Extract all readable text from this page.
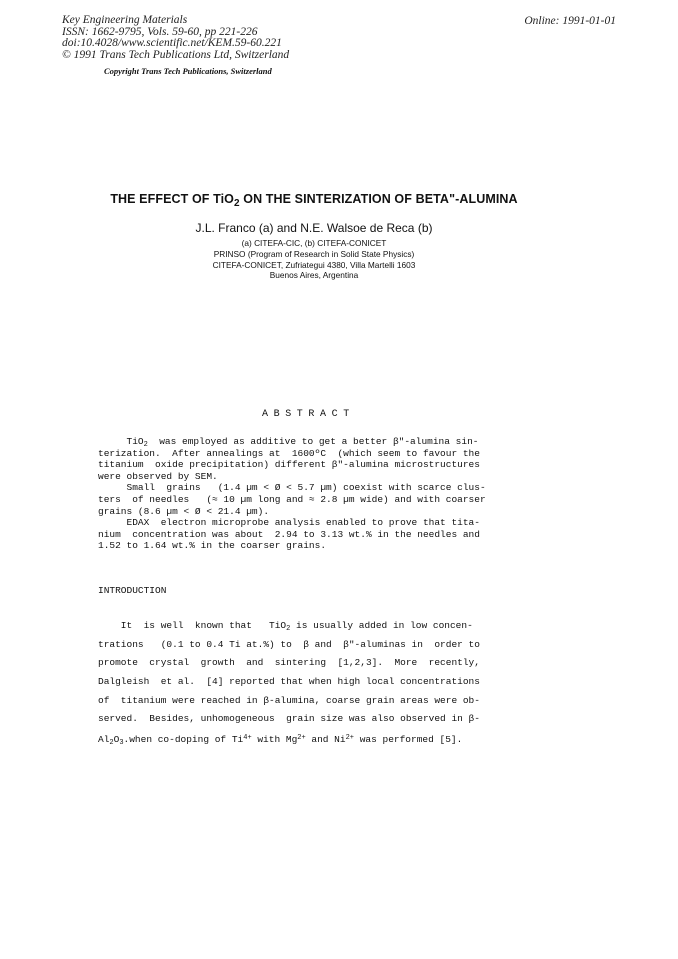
Key Engineering Materials
ISSN: 1662-9795, Vols. 59-60, pp 221-226
doi:10.4028/www.scientific.net/KEM.59-60.221
© 1991 Trans Tech Publications Ltd, Switzerland
Online: 1991-01-01
Copyright Trans Tech Publications, Switzerland
THE EFFECT OF TiO$_2$ ON THE SINTERIZATION OF BETA"-ALUMINA
J.L. Franco (a) and N.E. Walsoe de Reca (b)
(a) CITEFA-CIC, (b) CITEFA-CONICET
PRINSO (Program of Research in Solid State Physics)
CITEFA-CONICET, Zufriategui 4380, Villa Martelli 1603
Buenos Aires, Argentina
ABSTRACT
TiO$_2$  was employed as additive to get a better β"-alumina sin-
terization.  After annealings at  1600ºC  (which seem to favour the
titanium  oxide precipitation) different β"-alumina microstructures
were observed by SEM.
Small  grains   (1.4 µm < Ø < 5.7 µm) coexist with scarce clus-
ters  of needles   (≈ 10 µm long and ≈ 2.8 µm wide) and with coarser
grains (8.6 µm < Ø < 21.4 µm).
EDAX  electron microprobe analysis enabled to prove that tita-
nium  concentration was about  2.94 to 3.13 wt.% in the needles and
1.52 to 1.64 wt.% in the coarser grains.
INTRODUCTION
It  is well  known that   TiO$_2$ is usually added in low concen-
trations   (0.1 to 0.4 Ti at.%) to  β and  β"-aluminas in  order to
promote  crystal  growth  and  sintering  [1,2,3].  More  recently,
Dalgleish  et al.  [4] reported that when high local concentrations
of  titanium were reached in β-alumina, coarse grain areas were ob-
served.  Besides, unhomogeneous  grain size was also observed in β-
$Al_2O_3.when$ co-doping of $Ti^{4+}$ with $Mg^{2+}$ and $Ni^{2+}$ was performed [5].
